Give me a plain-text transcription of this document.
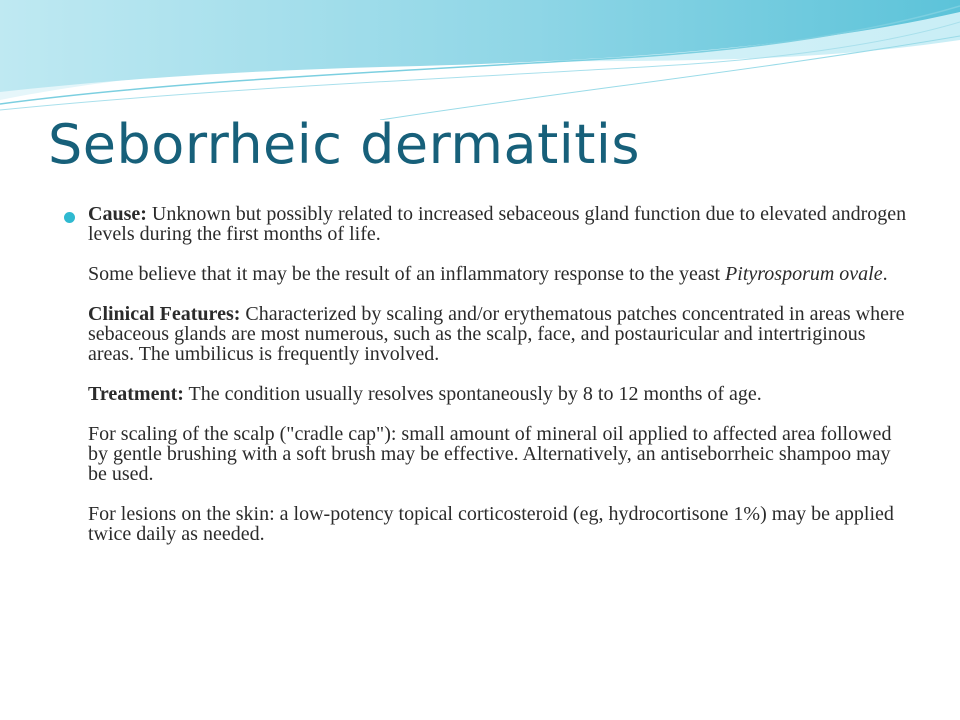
Seborrheic dermatitis

Cause: Unknown but possibly related to increased sebaceous gland function due to elevated androgen levels during the first months of life.

Some believe that it may be the result of an inflammatory response to the yeast Pityrosporum ovale.

Clinical Features: Characterized by scaling and/or erythematous patches concentrated in areas where sebaceous glands are most numerous, such as the scalp, face, and postauricular and intertriginous areas. The umbilicus is frequently involved.

Treatment: The condition usually resolves spontaneously by 8 to 12 months of age.

For scaling of the scalp ("cradle cap"): small amount of mineral oil applied to affected area followed by gentle brushing with a soft brush may be effective. Alternatively, an antiseborrheic shampoo may be used.

For lesions on the skin: a low-potency topical corticosteroid (eg, hydrocortisone 1%) may be applied twice daily as needed.
